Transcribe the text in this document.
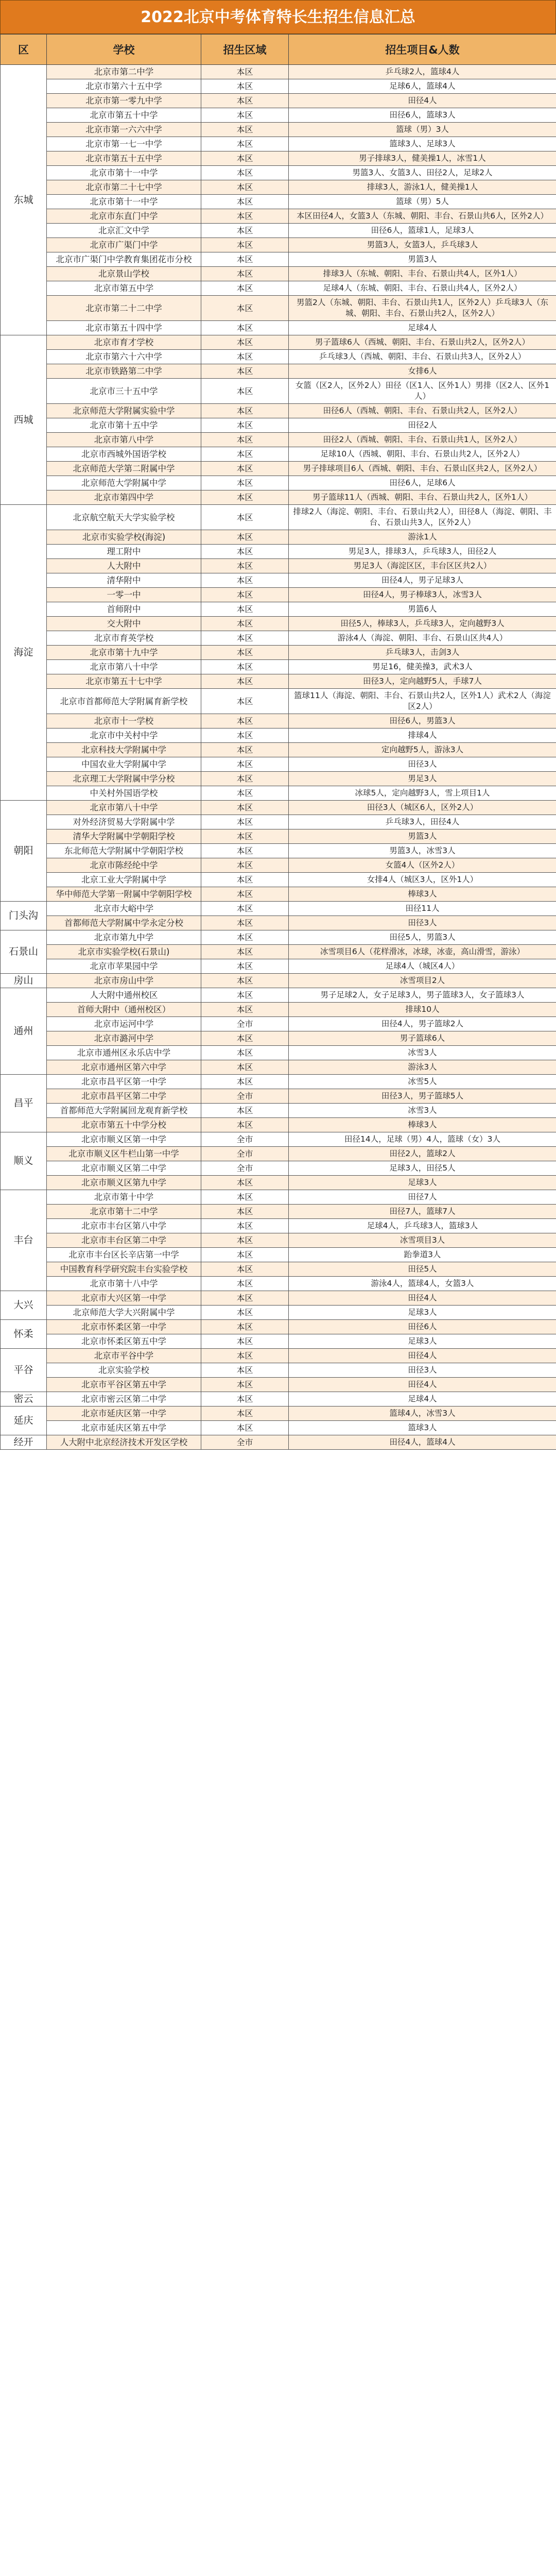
2022北京中考体育特长生招生信息汇总
区	学校	招生区域	招生项目&人数
东城	北京市第二中学	本区	乒乓球2人，篮球4人
	北京市第六十五中学	本区	足球6人，篮球4人
	北京市第一零九中学	本区	田径4人
	北京市第五十中学	本区	田径6人，篮球3人
	北京市第一六六中学	本区	篮球（男）3人
	北京市第一七一中学	本区	篮球3人、足球3人
	北京市第五十五中学	本区	男子排球3人，健美操1人，冰雪1人
	北京市第十一中学	本区	男篮3人、女篮3人、田径2人，足球2人
	北京市第二十七中学	本区	排球3人，游泳1人，健美操1人
	北京市第十一中学	本区	篮球（男）5人
	北京市东直门中学	本区	本区田径4人，女篮3人（东城、朝阳、丰台、石景山共6人，区外2人）
	北京汇文中学	本区	田径6人，篮球1人，足球3人
	北京市广渠门中学	本区	男篮3人，女篮3人，乒乓球3人
	北京市广渠门中学教育集团花市分校	本区	男篮3人
	北京景山学校	本区	排球3人（东城、朝阳、丰台、石景山共4人，区外1人）
	北京市第五中学	本区	足球4人（东城、朝阳、丰台、石景山共4人，区外2人）
	北京市第二十二中学	本区	男篮2人（东城、朝阳、丰台、石景山共1人，区外2人）乒乓球3人（东城、朝阳、丰台、石景山共2人，区外2人）
	北京市第五十四中学	本区	足球4人
西城	北京市育才学校	本区	男子篮球6人（西城、朝阳、丰台、石景山共2人，区外2人）
	北京市第六十六中学	本区	乒乓球3人（西城、朝阳、丰台、石景山共3人，区外2人）
	北京市铁路第二中学	本区	女排6人
	北京市三十五中学	本区	女篮（区2人，区外2人）田径（区1人、区外1人）男排（区2人、区外1人）
	北京师范大学附属实验中学	本区	田径6人（西城、朝阳、丰台、石景山共2人，区外2人）
	北京市第十五中学	本区	田径2人
	北京市第八中学	本区	田径2人（西城、朝阳、丰台、石景山共1人，区外2人）
	北京市西城外国语学校	本区	足球10人（西城、朝阳、丰台、石景山共2人，区外2人）
	北京师范大学第二附属中学	本区	男子排球项目6人（西城、朝阳、丰台、石景山区共2人，区外2人）
	北京师范大学附属中学	本区	田径6人，足球6人
	北京市第四中学	本区	男子篮球11人（西城、朝阳、丰台、石景山共2人，区外1人）
海淀	北京航空航天大学实验学校	本区	排球2人（海淀、朝阳、丰台、石景山共2人），田径8人（海淀、朝阳、丰台、石景山共3人，区外2人）
	北京市实验学校(海淀)	本区	游泳1人
	理工附中	本区	男足3人，排球3人，乒乓球3人，田径2人
	人大附中	本区	男足3人（海淀区区，丰台区区共2人）
	清华附中	本区	田径4人，男子足球3人
	一零一中	本区	田径4人，男子棒球3人，冰雪3人
	首师附中	本区	男篮6人
	交大附中	本区	田径5人，棒球3人，乒乓球3人，定向越野3人
	北京市育英学校	本区	游泳4人（海淀、朝阳、丰台、石景山区共4人）
	北京市第十九中学	本区	乒乓球3人，击剑3人
	北京市第八十中学	本区	男足16，健美操3，武术3人
	北京市第五十七中学	本区	田径3人，定向越野5人，手球7人
	北京市首都师范大学附属育新学校	本区	篮球11人（海淀、朝阳、丰台、石景山共2人，区外1人）武术2人（海淀区2人）
	北京市十一学校	本区	田径6人，男篮3人
	北京市中关村中学	本区	排球4人
	北京科技大学附属中学	本区	定向越野5人，游泳3人
	中国农业大学附属中学	本区	田径3人
	北京理工大学附属中学分校	本区	男足3人
	中关村外国语学校	本区	冰球5人，定向越野3人，雪上项目1人
朝阳	北京市第八十中学	本区	田径3人（城区6人，区外2人）
	对外经济贸易大学附属中学	本区	乒乓球3人，田径4人
	清华大学附属中学朝阳学校	本区	男篮3人
	东北师范大学附属中学朝阳学校	本区	男篮3人，冰雪3人
	北京市陈经纶中学	本区	女篮4人（区外2人）
	北京工业大学附属中学	本区	女排4人（城区3人，区外1人）
	华中师范大学第一附属中学朝阳学校	本区	棒球3人
门头沟	北京市大峪中学	本区	田径11人
	首都师范大学附属中学永定分校	本区	田径3人
石景山	北京市第九中学	本区	田径5人，男篮3人
	北京市实验学校(石景山)	本区	冰雪项目6人（花样滑冰，冰球，冰壶，高山滑雪，游泳）
	北京市苹果园中学	本区	足球4人（城区4人）
房山	北京市房山中学	本区	冰雪项目2人
通州	人大附中通州校区	本区	男子足球2人，女子足球3人，男子篮球3人，女子篮球3人
	首师大附中（通州校区）	本区	排球10人
	北京市运河中学	全市	田径4人，男子篮球2人
	北京市潞河中学	本区	男子篮球6人
	北京市通州区永乐店中学	本区	冰雪3人
	北京市通州区第六中学	本区	游泳3人
昌平	北京市昌平区第一中学	本区	冰雪5人
	北京市昌平区第二中学	全市	田径3人，男子篮球5人
	首都师范大学附属回龙观育新学校	本区	冰雪3人
	北京市第五十中学分校	本区	棒球3人
顺义	北京市顺义区第一中学	全市	田径14人，足球（男）4人，篮球（女）3人
	北京市顺义区牛栏山第一中学	全市	田径2人，篮球2人
	北京市顺义区第二中学	全市	足球3人，田径5人
	北京市顺义区第九中学	本区	足球3人
丰台	北京市第十中学	本区	田径7人
	北京市第十二中学	本区	田径7人，篮球7人
	北京市丰台区第八中学	本区	足球4人，乒乓球3人，篮球3人
	北京市丰台区第二中学	本区	冰雪项目3人
	北京市丰台区长辛店第一中学	本区	跆拳道3人
	中国教育科学研究院丰台实验学校	本区	田径5人
	北京市第十八中学	本区	游泳4人，篮球4人，女篮3人
大兴	北京市大兴区第一中学	本区	田径4人
	北京师范大学大兴附属中学	本区	足球3人
怀柔	北京市怀柔区第一中学	本区	田径6人
	北京市怀柔区第五中学	本区	足球3人
平谷	北京市平谷中学	本区	田径4人
	北京实验学校	本区	田径3人
	北京市平谷区第五中学	本区	田径4人
密云	北京市密云区第二中学	本区	足球4人
延庆	北京市延庆区第一中学	本区	篮球4人，冰雪3人
	北京市延庆区第五中学	本区	篮球3人
经开	人大附中北京经济技术开发区学校	全市	田径4人，篮球4人
